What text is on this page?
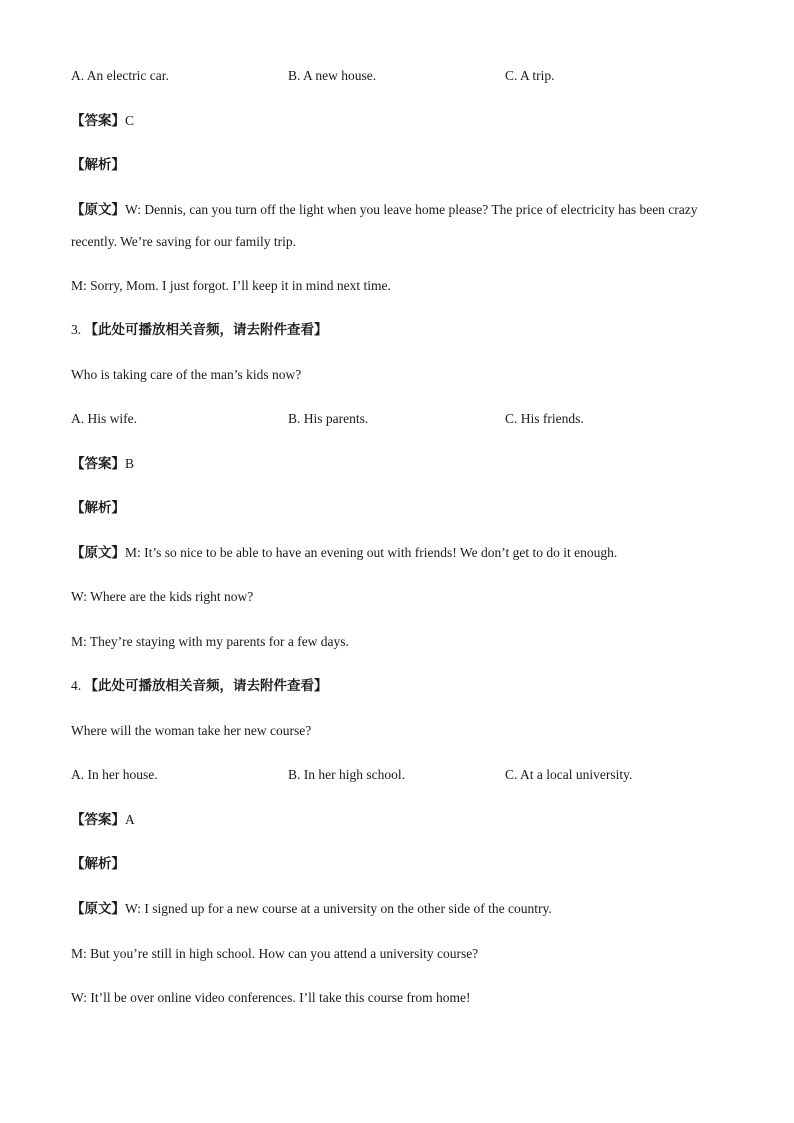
A. An electric car.	B. A new house.	C. A trip.
【答案】C
【解析】
【原文】W: Dennis, can you turn off the light when you leave home please? The price of electricity has been crazy recently. We’re saving for our family trip.
M: Sorry, Mom. I just forgot. I’ll keep it in mind next time.
3. 【此处可播放相关音频，请去附件查看】
Who is taking care of the man’s kids now?
A. His wife.	B. His parents.	C. His friends.
【答案】B
【解析】
【原文】M: It’s so nice to be able to have an evening out with friends! We don’t get to do it enough.
W: Where are the kids right now?
M: They’re staying with my parents for a few days.
4. 【此处可播放相关音频，请去附件查看】
Where will the woman take her new course?
A. In her house.	B. In her high school.	C. At a local university.
【答案】A
【解析】
【原文】W: I signed up for a new course at a university on the other side of the country.
M: But you’re still in high school. How can you attend a university course?
W: It’ll be over online video conferences. I’ll take this course from home!
